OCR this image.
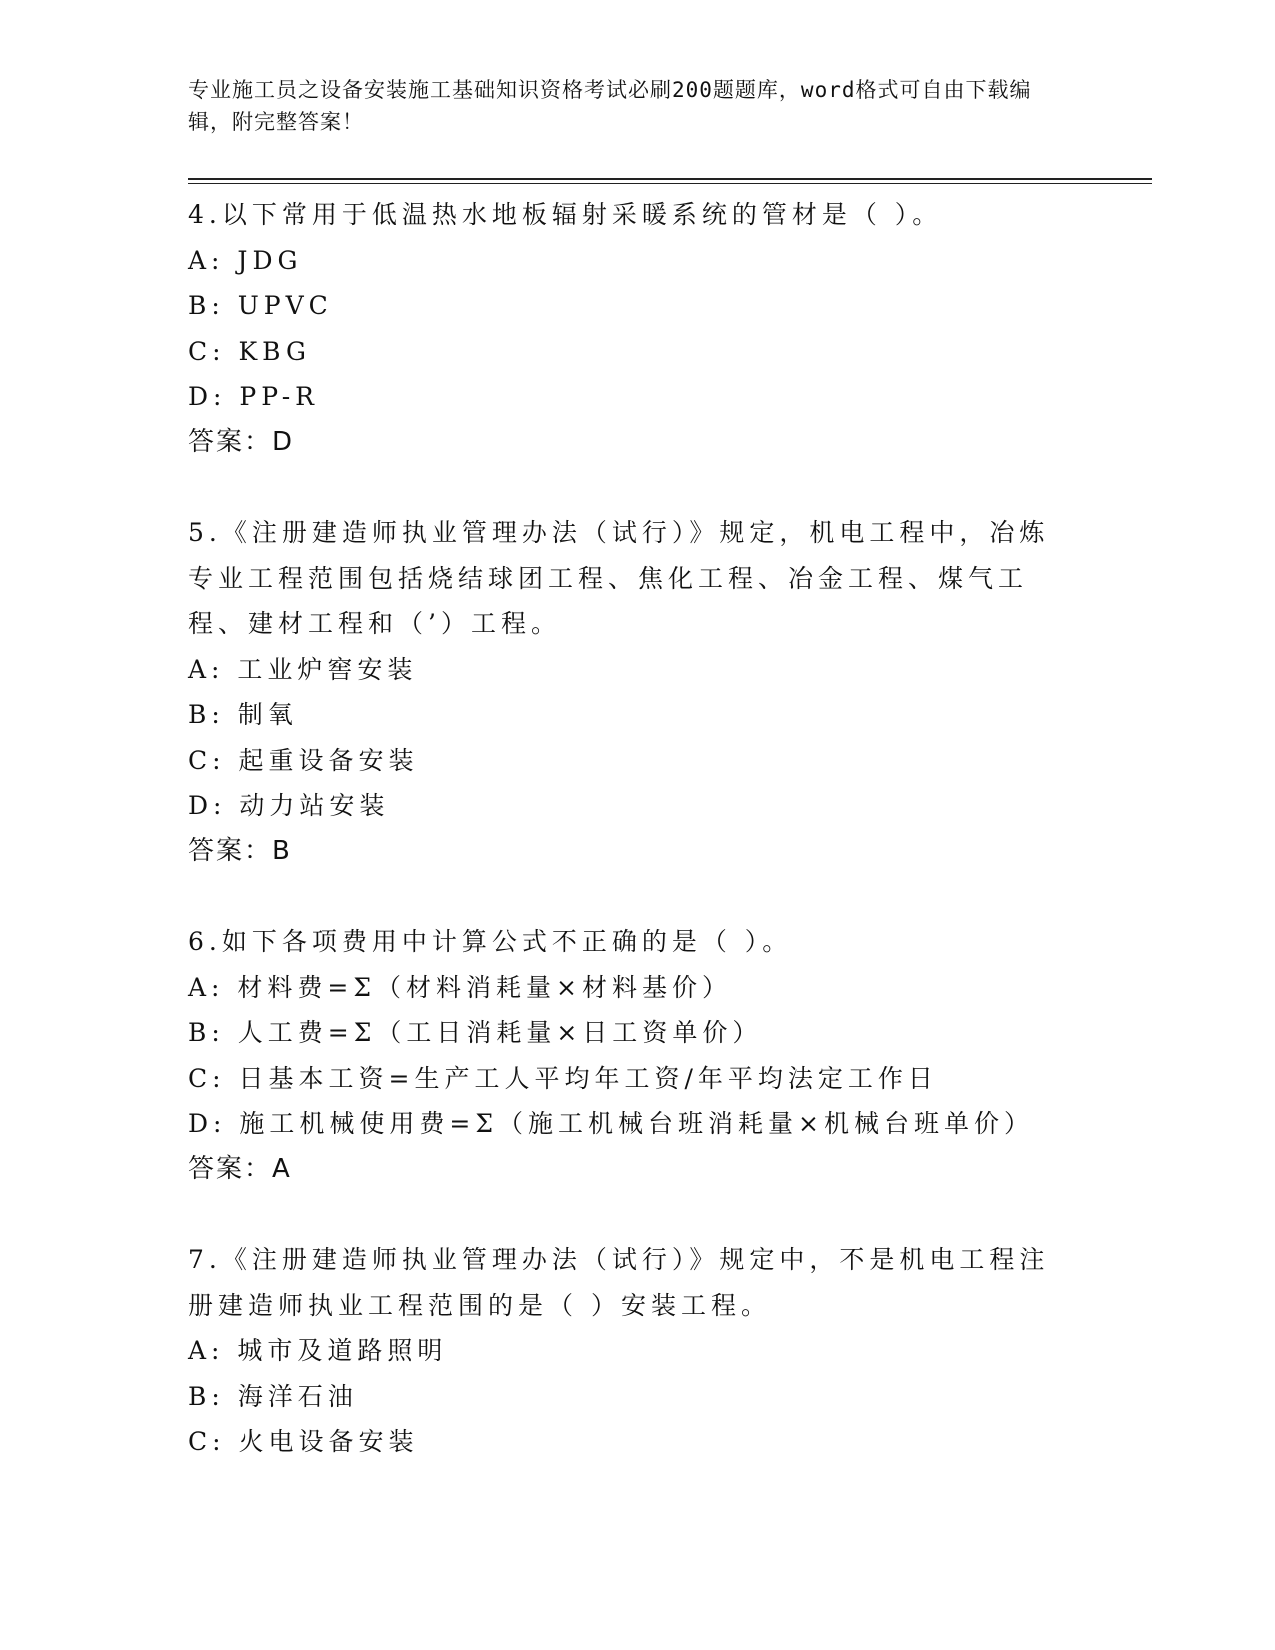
专业施工员之设备安装施工基础知识资格考试必刷200题题库，word格式可自由下载编辑，附完整答案！
4.以下常用于低温热水地板辐射采暖系统的管材是（ ）。
A: JDG
B: UPVC
C: KBG
D: PP-R
答案：D
5.《注册建造师执业管理办法（试行）》规定，机电工程中，冶炼专业工程范围包括烧结球团工程、焦化工程、冶金工程、煤气工程、建材工程和（’）工程。
A: 工业炉窖安装
B: 制氧
C: 起重设备安装
D: 动力站安装
答案：B
6.如下各项费用中计算公式不正确的是（ ）。
A: 材料费=Σ（材料消耗量×材料基价）
B: 人工费=Σ（工日消耗量×日工资单价）
C: 日基本工资=生产工人平均年工资/年平均法定工作日
D: 施工机械使用费=Σ（施工机械台班消耗量×机械台班单价）
答案：A
7.《注册建造师执业管理办法（试行）》规定中，不是机电工程注册建造师执业工程范围的是（ ）安装工程。
A: 城市及道路照明
B: 海洋石油
C: 火电设备安装
